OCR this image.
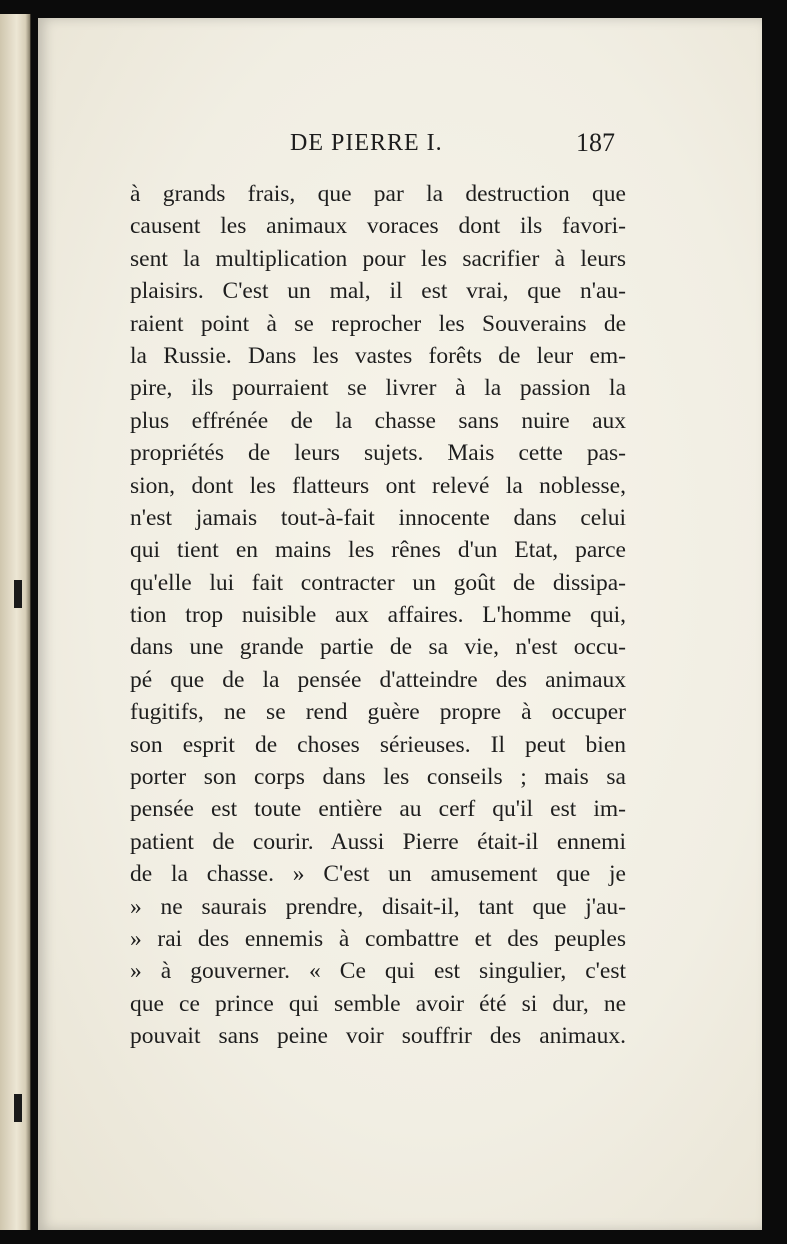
DE PIERRE I.	187
à grands frais, que par la destruction que
causent les animaux voraces dont ils favori-
sent la multiplication pour les sacrifier à leurs
plaisirs. C'est un mal, il est vrai, que n'au-
raient point à se reprocher les Souverains de
la Russie. Dans les vastes forêts de leur em-
pire, ils pourraient se livrer à la passion la
plus effrénée de la chasse sans nuire aux
propriétés de leurs sujets. Mais cette pas-
sion, dont les flatteurs ont relevé la noblesse,
n'est jamais tout-à-fait innocente dans celui
qui tient en mains les rênes d'un Etat, parce
qu'elle lui fait contracter un goût de dissipa-
tion trop nuisible aux affaires. L'homme qui,
dans une grande partie de sa vie, n'est occu-
pé que de la pensée d'atteindre des animaux
fugitifs, ne se rend guère propre à occuper
son esprit de choses sérieuses. Il peut bien
porter son corps dans les conseils ; mais sa
pensée est toute entière au cerf qu'il est im-
patient de courir. Aussi Pierre était-il ennemi
de la chasse. » C'est un amusement que je
» ne saurais prendre, disait-il, tant que j'au-
» rai des ennemis à combattre et des peuples
» à gouverner. « Ce qui est singulier, c'est
que ce prince qui semble avoir été si dur, ne
pouvait sans peine voir souffrir des animaux.
